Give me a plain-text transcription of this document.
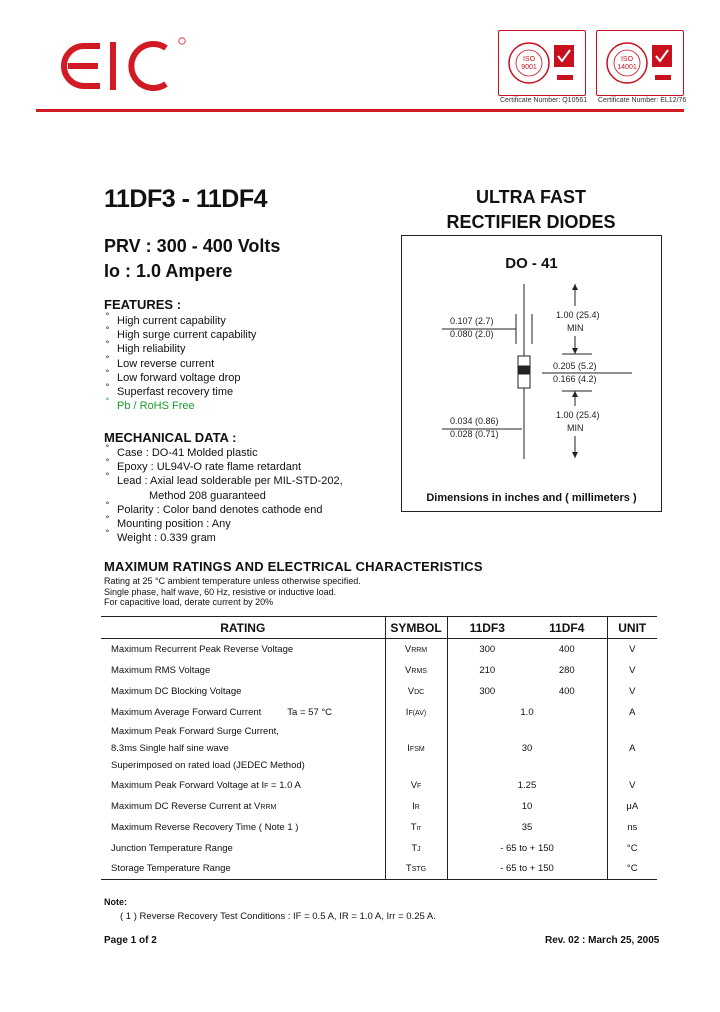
ISO
9001
ISO
14001
Certificate Number: Q10561 Certificate Number: EL12/76
11DF3 - 11DF4
PRV : 300 - 400 Volts
Io : 1.0 Ampere
ULTRA FAST
RECTIFIER DIODES
FEATURES :
˚ High current capability
˚ High surge current capability
˚ High reliability
˚ Low reverse current
˚ Low forward voltage drop
˚ Superfast recovery time
˚ Pb / RoHS Free
MECHANICAL DATA :
˚ Case : DO-41 Molded plastic
˚ Epoxy : UL94V-O rate flame retardant
˚ Lead : Axial lead solderable per MIL-STD-202,
Method 208 guaranteed
˚ Polarity : Color band denotes cathode end
˚ Mounting position : Any
˚ Weight : 0.339 gram
DO - 41
0.107 (2.7)
0.080 (2.0)
1.00 (25.4)
MIN
0.205 (5.2)
0.166 (4.2)
0.034 (0.86)
0.028 (0.71)
1.00 (25.4)
MIN
Dimensions in inches and ( millimeters )
MAXIMUM RATINGS AND ELECTRICAL CHARACTERISTICS
Rating at 25 °C ambient temperature unless otherwise specified.
Single phase, half wave, 60 Hz, resistive or inductive load.
For capacitive load, derate current by 20%
RATING	SYMBOL	11DF3	11DF4	UNIT
Maximum Recurrent Peak Reverse Voltage	VRRM	300	400	V
Maximum RMS Voltage	VRMS	210	280	V
Maximum DC Blocking Voltage	VDC	300	400	V
Maximum Average Forward Current Ta = 57 °C	IF(AV)	1.0		A

Maximum Peak Forward Surge Current,
8.3ms Single half sine wave
Superimposed on rated load (JEDEC Method)	IFSM	30		A
Maximum Peak Forward Voltage at IF = 1.0 A	VF	1.25		V
Maximum DC Reverse Current at VRRM	IR	10		μA
Maximum Reverse Recovery Time ( Note 1 )	Trr	35		ns
Junction Temperature Range	TJ	- 65 to + 150		°C
Storage Temperature Range	TSTG	- 65 to + 150		°C
Note:
( 1 ) Reverse Recovery Test Conditions : IF = 0.5 A, IR = 1.0 A, Irr = 0.25 A.
Page 1 of 2	Rev. 02 : March 25, 2005
